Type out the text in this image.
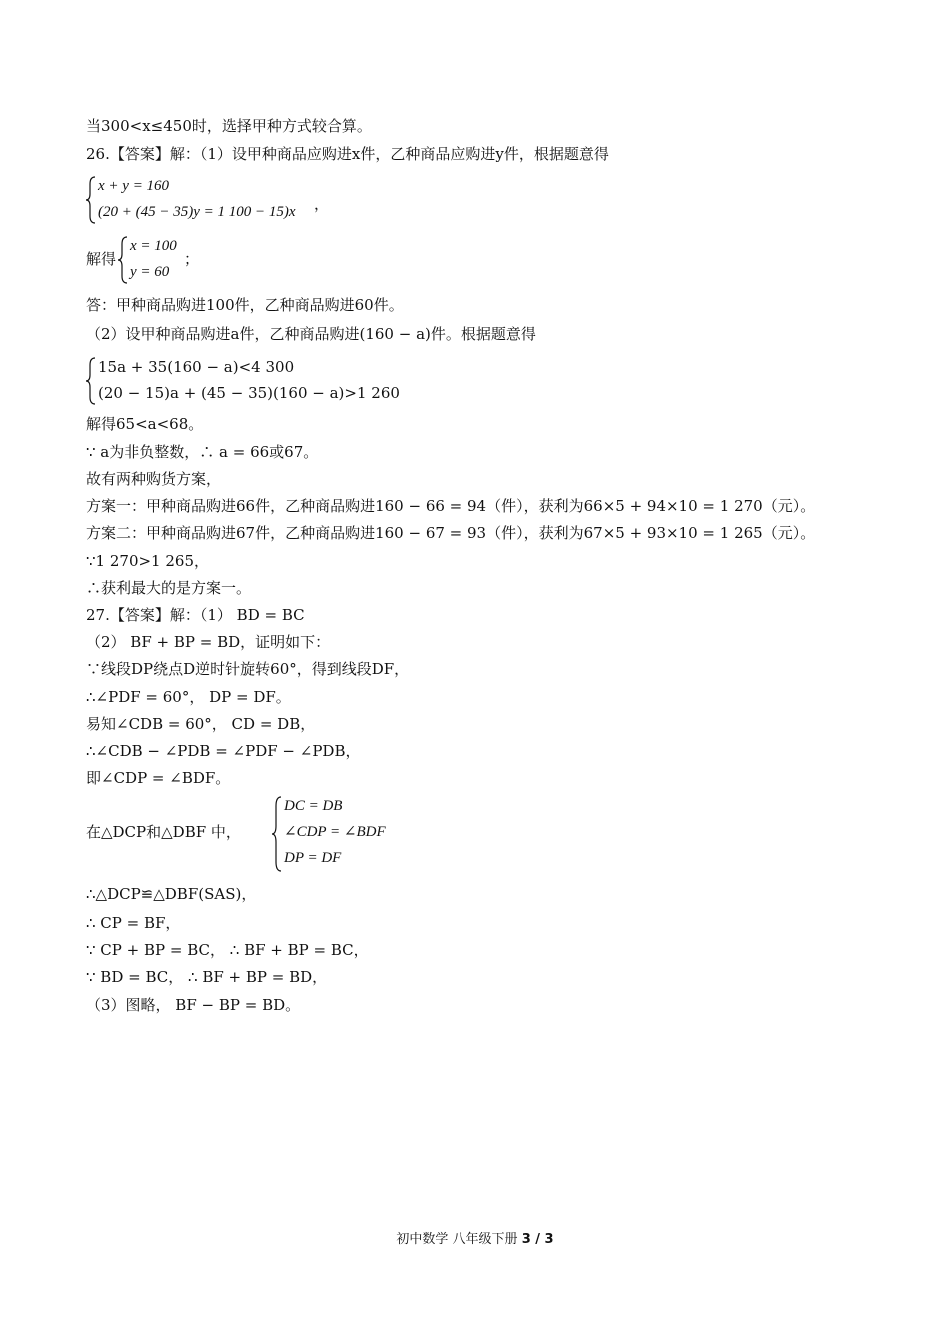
当300<x≤450时，选择甲种方式较合算。
26.【答案】解：（1）设甲种商品应购进x件，乙种商品应购进y件，根据题意得
x + y = 160
(20 + (45 − 35)y = 1 100 − 15)x ，
解得
x = 100
y = 60
；
答：甲种商品购进100件，乙种商品购进60件。
（2）设甲种商品购进a件，乙种商品购进(160 − a)件。根据题意得
15a + 35(160 − a)<4 300
(20 − 15)a + (45 − 35)(160 − a)>1 260
解得65<a<68。
∵ a为非负整数，∴ a = 66或67。
故有两种购货方案，
方案一：甲种商品购进66件，乙种商品购进160 − 66 = 94（件），获利为66×5 + 94×10 = 1 270（元）。
方案二：甲种商品购进67件，乙种商品购进160 − 67 = 93（件），获利为67×5 + 93×10 = 1 265（元）。
∵1 270>1 265，
∴获利最大的是方案一。
27.【答案】解：（1） BD = BC
（2） BF + BP = BD，证明如下：
∵线段DP绕点D逆时针旋转60°，得到线段DF，
∴∠PDF = 60°， DP = DF。
易知∠CDB = 60°， CD = DB，
∴∠CDB − ∠PDB = ∠PDF − ∠PDB，
即∠CDP = ∠BDF。
在△DCP和△DBF 中，
DC = DB
∠CDP = ∠BDF
DP = DF
∴△DCP≌△DBF(SAS)，
∴ CP = BF，
∵ CP + BP = BC， ∴ BF + BP = BC，
∵ BD = BC， ∴ BF + BP = BD，
（3）图略， BF − BP = BD。
初中数学 八年级下册 3 / 3
